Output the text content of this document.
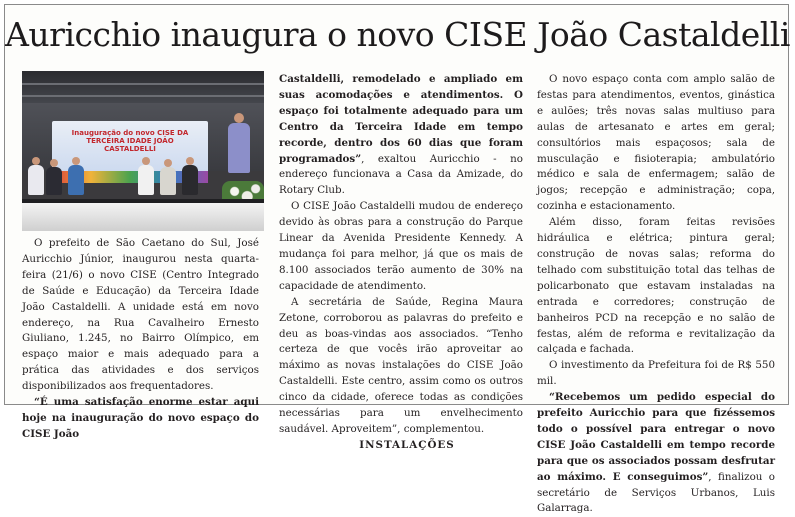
Auricchio inaugura o novo CISE João Castaldelli
Inauguração do novo CISE DA TERCEIRA IDADE JOÃO CASTALDELLI

O prefeito de São Caetano do Sul, José Auricchio Júnior, inaugurou nesta quarta-feira (21/6) o novo CISE (Centro Integrado de Saúde e Educação) da Terceira Idade João Castaldelli. A unidade está em novo endereço, na Rua Cavalheiro Ernesto Giuliano, 1.245, no Bairro Olímpico, em espaço maior e mais adequado para a prática das atividades e dos serviços disponibilizados aos frequentadores.

“É uma satisfação enorme estar aqui hoje na inauguração do novo espaço do CISE João

Castaldelli, remodelado e ampliado em suas acomodações e atendimentos. O espaço foi totalmente adequado para um Centro da Terceira Idade em tempo recorde, dentro dos 60 dias que foram programados”, exaltou Auricchio - no endereço funcionava a Casa da Amizade, do Rotary Club.

O CISE João Castaldelli mudou de endereço devido às obras para a construção do Parque Linear da Avenida Presidente Kennedy. A mudança foi para melhor, já que os mais de 8.100 associados terão aumento de 30% na capacidade de atendimento.

A secretária de Saúde, Regina Maura Zetone, corroborou as palavras do prefeito e deu as boas-vindas aos associados. “Tenho certeza de que vocês irão aproveitar ao máximo as novas instalações do CISE João Castaldelli. Este centro, assim como os outros cinco da cidade, oferece todas as condições necessárias para um envelhecimento saudável. Aproveitem”, complementou.

INSTALAÇÕES

O novo espaço conta com amplo salão de festas para atendimentos, eventos, ginástica e aulões; três novas salas multiuso para aulas de artesanato e artes em geral; consultórios mais espaçosos; sala de musculação e fisioterapia; ambulatório médico e sala de enfermagem; salão de jogos; recepção e administração; copa, cozinha e estacionamento.

Além disso, foram feitas revisões hidráulica e elétrica; pintura geral; construção de novas salas; reforma do telhado com substituição total das telhas de policarbonato que estavam instaladas na entrada e corredores; construção de banheiros PCD na recepção e no salão de festas, além de reforma e revitalização da calçada e fachada.

O investimento da Prefeitura foi de R$ 550 mil.

“Recebemos um pedido especial do prefeito Auricchio para que fizéssemos todo o possível para entregar o novo CISE João Castaldelli em tempo recorde para que os associados possam desfrutar ao máximo. E conseguimos”, finalizou o secretário de Serviços Urbanos, Luis Galarraga.
